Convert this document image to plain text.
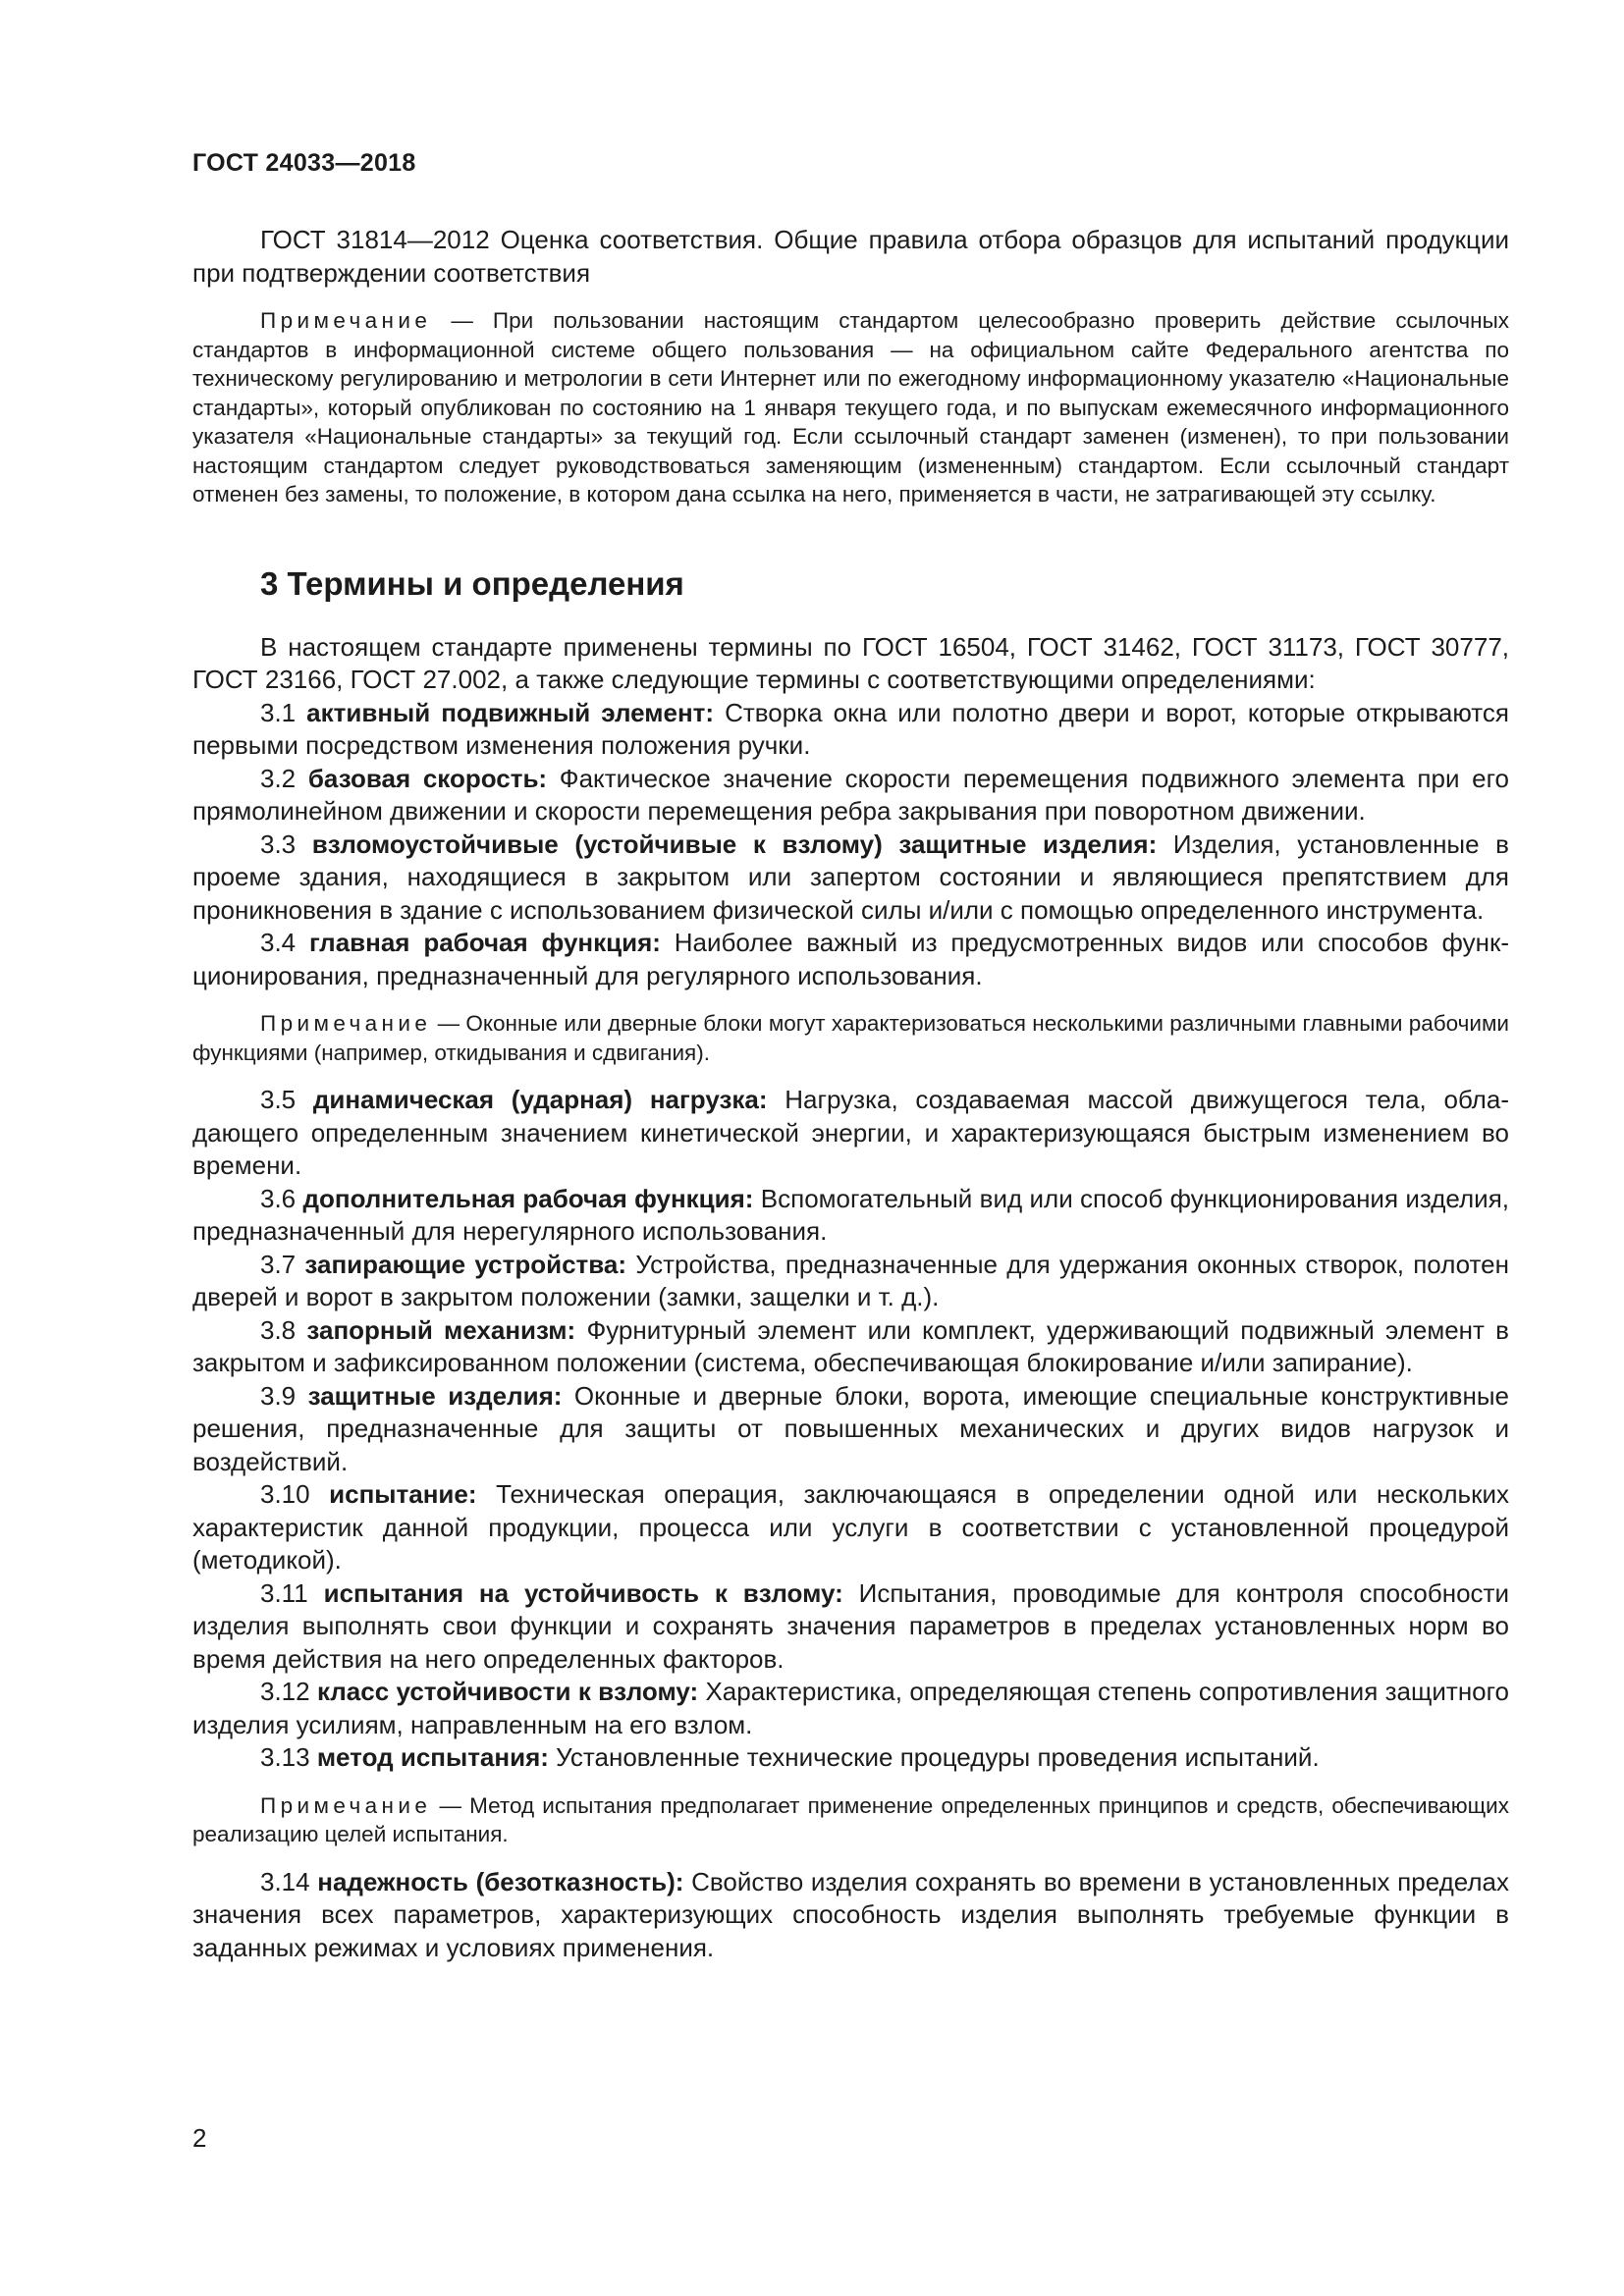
ГОСТ 24033—2018

ГОСТ 31814—2012 Оценка соответствия. Общие правила отбора образцов для испытаний продукции при подтверждении соответствия

Примечание — При пользовании настоящим стандартом целесообразно проверить действие ссылочных стандартов в информационной системе общего пользования — на официальном сайте Федерального агентства по техническому регулированию и метрологии в сети Интернет или по ежегодному информационному указателю «Национальные стандарты», который опубликован по состоянию на 1 января текущего года, и по выпускам ежемесячного информационного указателя «Национальные стандарты» за текущий год. Если ссылочный стандарт заменен (изменен), то при пользовании настоящим стандартом следует руководствоваться заменяющим (измененным) стандартом. Если ссылочный стандарт отменен без замены, то положение, в котором дана ссылка на него, применяется в части, не затрагивающей эту ссылку.

3 Термины и определения

В настоящем стандарте применены термины по ГОСТ 16504, ГОСТ 31462, ГОСТ 31173, ГОСТ 30777, ГОСТ 23166, ГОСТ 27.002, а также следующие термины с соответствующими определениями:

3.1 активный подвижный элемент: Створка окна или полотно двери и ворот, которые открываются первыми посредством изменения положения ручки.

3.2 базовая скорость: Фактическое значение скорости перемещения подвижного элемента при его прямолинейном движении и скорости перемещения ребра закрывания при поворотном движении.

3.3 взломоустойчивые (устойчивые к взлому) защитные изделия: Изделия, установленные в проеме здания, находящиеся в закрытом или запертом состоянии и являющиеся препятствием для проникновения в здание с использованием физической силы и/или с помощью определенного инструмента.

3.4 главная рабочая функция: Наиболее важный из предусмотренных видов или способов функционирования, предназначенный для регулярного использования.

Примечание — Оконные или дверные блоки могут характеризоваться несколькими различными главными рабочими функциями (например, откидывания и сдвигания).

3.5 динамическая (ударная) нагрузка: Нагрузка, создаваемая массой движущегося тела, обладающего определенным значением кинетической энергии, и характеризующаяся быстрым изменением во времени.

3.6 дополнительная рабочая функция: Вспомогательный вид или способ функционирования изделия, предназначенный для нерегулярного использования.

3.7 запирающие устройства: Устройства, предназначенные для удержания оконных створок, полотен дверей и ворот в закрытом положении (замки, защелки и т. д.).

3.8 запорный механизм: Фурнитурный элемент или комплект, удерживающий подвижный элемент в закрытом и зафиксированном положении (система, обеспечивающая блокирование и/или запирание).

3.9 защитные изделия: Оконные и дверные блоки, ворота, имеющие специальные конструктивные решения, предназначенные для защиты от повышенных механических и других видов нагрузок и воздействий.

3.10 испытание: Техническая операция, заключающаяся в определении одной или нескольких характеристик данной продукции, процесса или услуги в соответствии с установленной процедурой (методикой).

3.11 испытания на устойчивость к взлому: Испытания, проводимые для контроля способности изделия выполнять свои функции и сохранять значения параметров в пределах установленных норм во время действия на него определенных факторов.

3.12 класс устойчивости к взлому: Характеристика, определяющая степень сопротивления защитного изделия усилиям, направленным на его взлом.

3.13 метод испытания: Установленные технические процедуры проведения испытаний.

Примечание — Метод испытания предполагает применение определенных принципов и средств, обеспечивающих реализацию целей испытания.

3.14 надежность (безотказность): Свойство изделия сохранять во времени в установленных пределах значения всех параметров, характеризующих способность изделия выполнять требуемые функции в заданных режимах и условиях применения.

2
